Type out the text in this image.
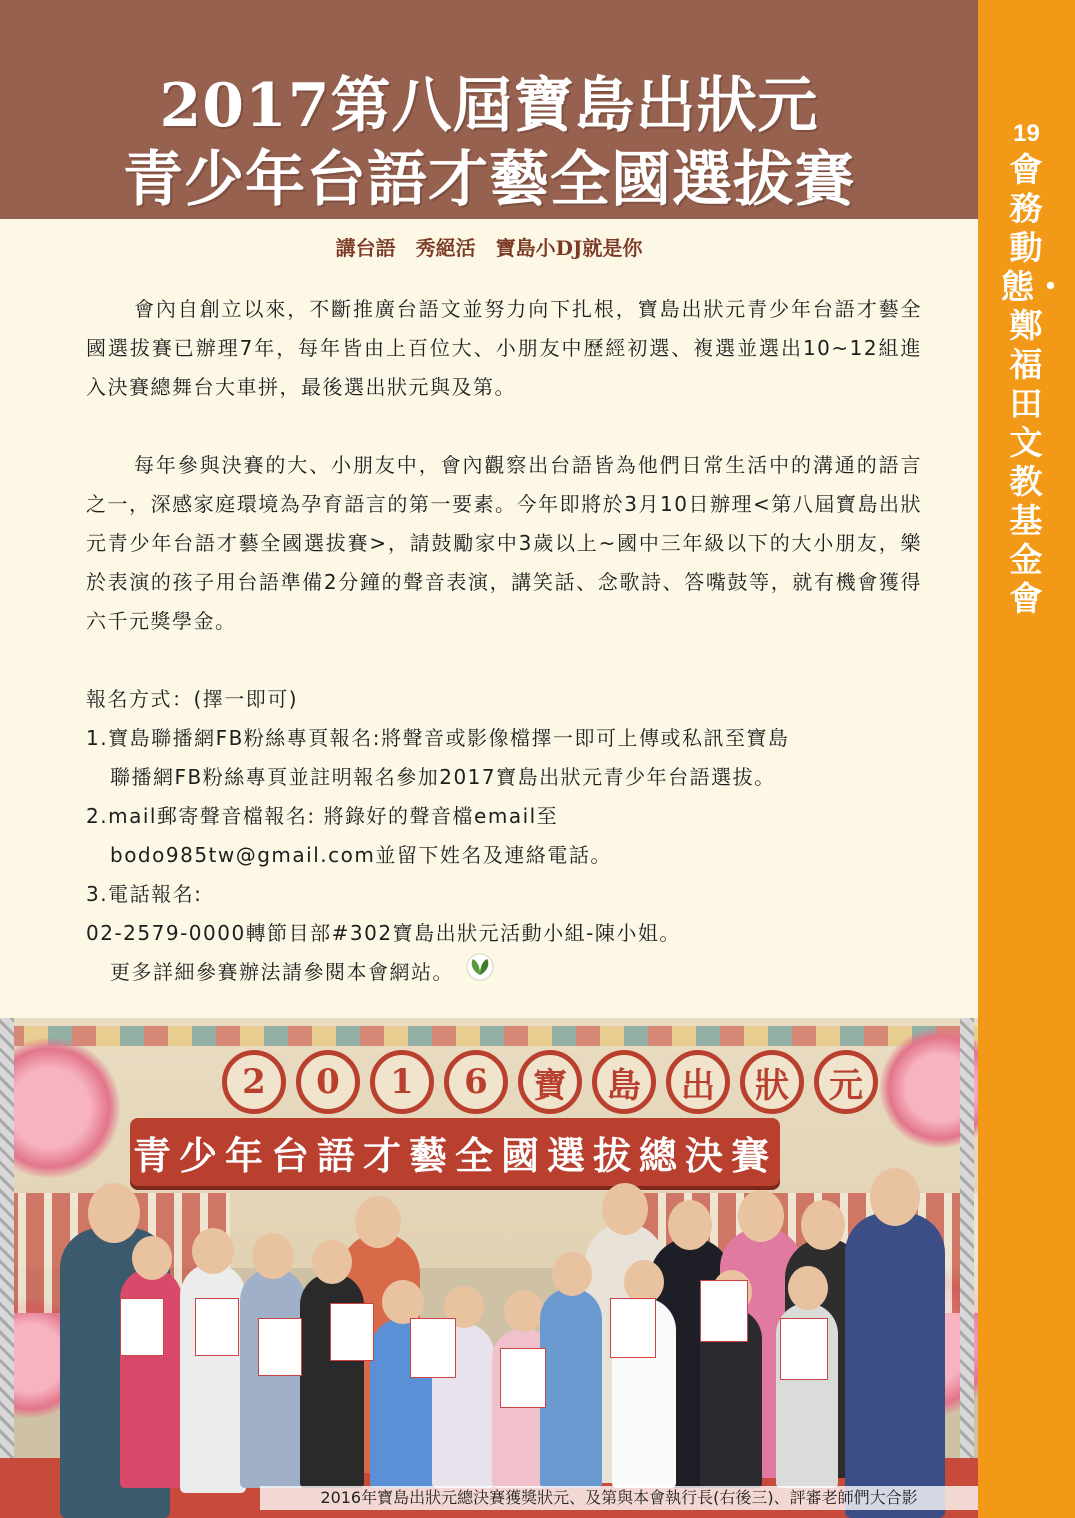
2017第八屆寶島出狀元
青少年台語才藝全國選拔賽
19
會務動態・鄭福田文教基金會
講台語　秀絕活　寶島小DJ就是你

會內自創立以來，不斷推廣台語文並努力向下扎根，寶島出狀元青少年台語才藝全國選拔賽已辦理7年，每年皆由上百位大、小朋友中歷經初選、複選並選出10~12組進入決賽總舞台大車拼，最後選出狀元與及第。

每年參與決賽的大、小朋友中，會內觀察出台語皆為他們日常生活中的溝通的語言之一，深感家庭環境為孕育語言的第一要素。今年即將於3月10日辦理<第八屆寶島出狀元青少年台語才藝全國選拔賽>，請鼓勵家中3歲以上~國中三年級以下的大小朋友，樂於表演的孩子用台語準備2分鐘的聲音表演，講笑話、念歌詩、答嘴鼓等，就有機會獲得六千元獎學金。

報名方式：(擇一即可)

1.寶島聯播網FB粉絲專頁報名:將聲音或影像檔擇一即可上傳或私訊至寶島

聯播網FB粉絲專頁並註明報名參加2017寶島出狀元青少年台語選拔。

2.mail郵寄聲音檔報名: 將錄好的聲音檔email至

bodo985tw@gmail.com並留下姓名及連絡電話。

3.電話報名:

02-2579-0000轉節目部#302寶島出狀元活動小組-陳小姐。

更多詳細參賽辦法請參閱本會網站。

2	0	1	6	寶	島	出	狀	元
青少年台語才藝全國選拔總決賽
2016年寶島出狀元總決賽獲獎狀元、及第與本會執行長(右後三)、評審老師們大合影
